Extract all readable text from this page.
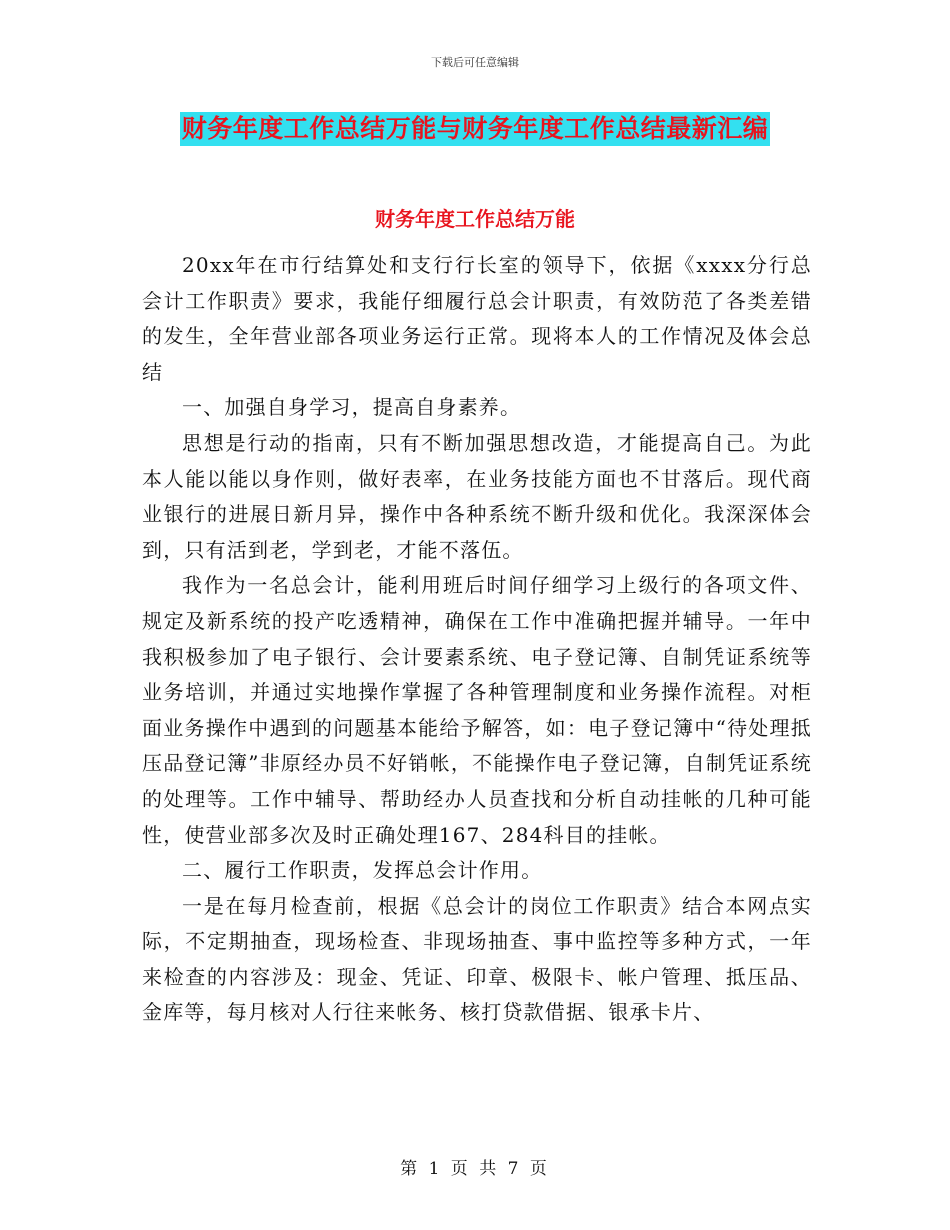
下载后可任意编辑
财务年度工作总结万能与财务年度工作总结最新汇编
财务年度工作总结万能

20xx年在市行结算处和支行行长室的领导下，依据《xxxx分行总会计工作职责》要求，我能仔细履行总会计职责，有效防范了各类差错的发生，全年营业部各项业务运行正常。现将本人的工作情况及体会总结

一、加强自身学习，提高自身素养。

思想是行动的指南，只有不断加强思想改造，才能提高自己。为此本人能以能以身作则，做好表率，在业务技能方面也不甘落后。现代商业银行的进展日新月异，操作中各种系统不断升级和优化。我深深体会到，只有活到老，学到老，才能不落伍。

我作为一名总会计，能利用班后时间仔细学习上级行的各项文件、规定及新系统的投产吃透精神，确保在工作中准确把握并辅导。一年中我积极参加了电子银行、会计要素系统、电子登记簿、自制凭证系统等业务培训，并通过实地操作掌握了各种管理制度和业务操作流程。对柜面业务操作中遇到的问题基本能给予解答，如：电子登记簿中“待处理抵压品登记簿”非原经办员不好销帐，不能操作电子登记簿，自制凭证系统的处理等。工作中辅导、帮助经办人员查找和分析自动挂帐的几种可能性，使营业部多次及时正确处理167、284科目的挂帐。

二、履行工作职责，发挥总会计作用。

一是在每月检查前，根据《总会计的岗位工作职责》结合本网点实际，不定期抽查，现场检查、非现场抽查、事中监控等多种方式，一年来检查的内容涉及：现金、凭证、印章、极限卡、帐户管理、抵压品、金库等，每月核对人行往来帐务、核打贷款借据、银承卡片、

第 1 页 共 7 页
